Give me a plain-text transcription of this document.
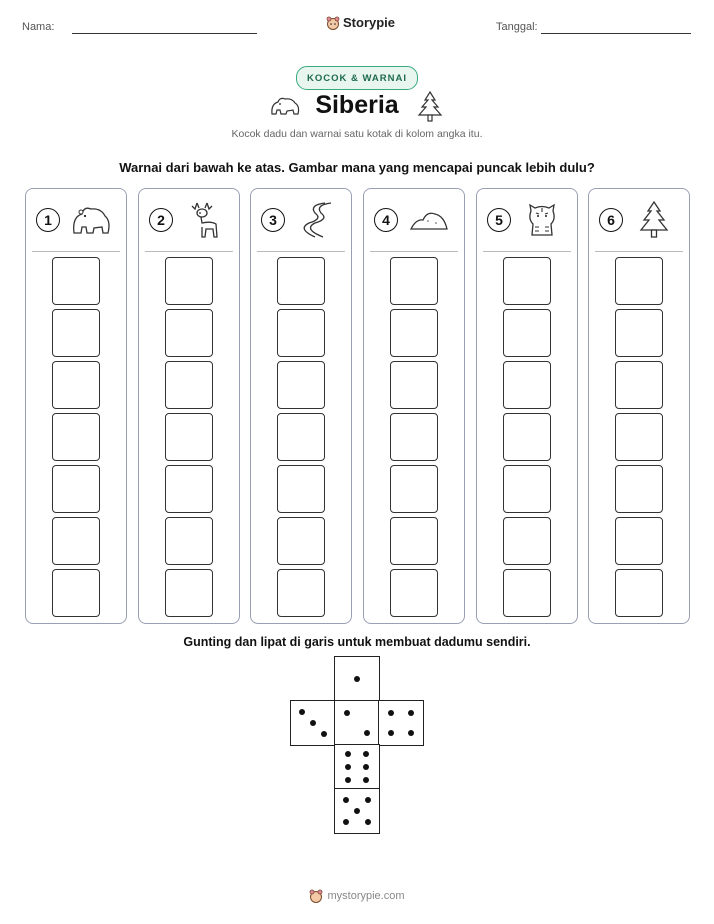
Nama:	Storypie	Tanggal:
KOCOK & WARNAI
Siberia
Kocok dadu dan warnai satu kotak di kolom angka itu.
Warnai dari bawah ke atas. Gambar mana yang mencapai puncak lebih dulu?
1	2	3	4	5	6
Gunting dan lipat di garis untuk membuat dadumu sendiri.
mystorypie.com
